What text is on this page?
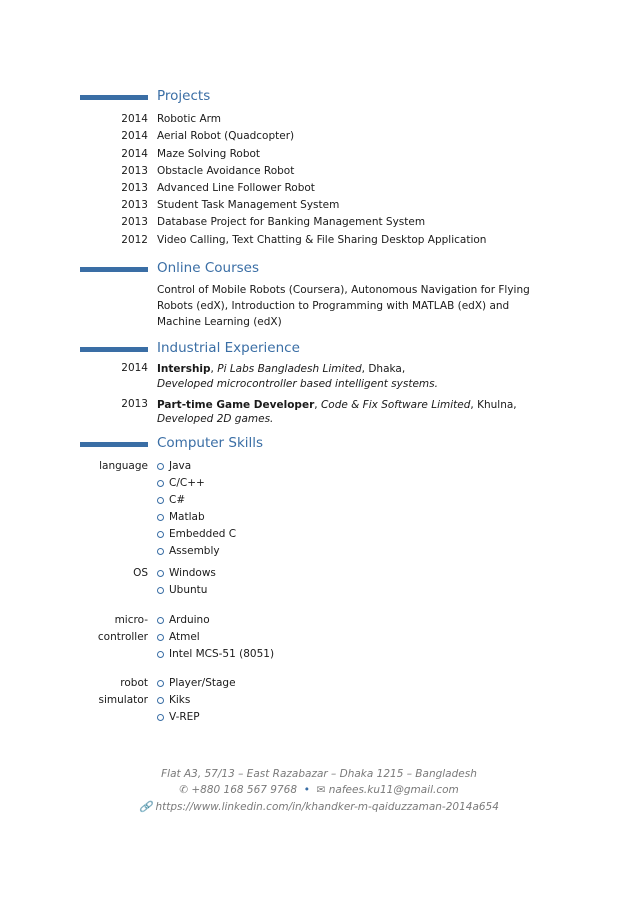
Projects
2014 Robotic Arm
2014 Aerial Robot (Quadcopter)
2014 Maze Solving Robot
2013 Obstacle Avoidance Robot
2013 Advanced Line Follower Robot
2013 Student Task Management System
2013 Database Project for Banking Management System
2012 Video Calling, Text Chatting & File Sharing Desktop Application
Online Courses
Control of Mobile Robots (Coursera), Autonomous Navigation for Flying Robots (edX), Introduction to Programming with MATLAB (edX) and Machine Learning (edX)
Industrial Experience
2014 Intership, Pi Labs Bangladesh Limited, Dhaka,
Developed microcontroller based intelligent systems.
2013 Part-time Game Developer, Code & Fix Software Limited, Khulna,
Developed 2D games.
Computer Skills
language	Java
C/C++
C#
Matlab
Embedded C
Assembly
OS	Windows
Ubuntu
micro-
controller
Arduino
Atmel
Intel MCS-51 (8051)
robot
simulator
Player/Stage
Kiks
V-REP
Flat A3, 57/13 – East Razabazar – Dhaka 1215 – Bangladesh
✆ +880 168 567 9768 • ✉ nafees.ku11@gmail.com
🔗 https://www.linkedin.com/in/khandker-m-qaiduzzaman-2014a654
